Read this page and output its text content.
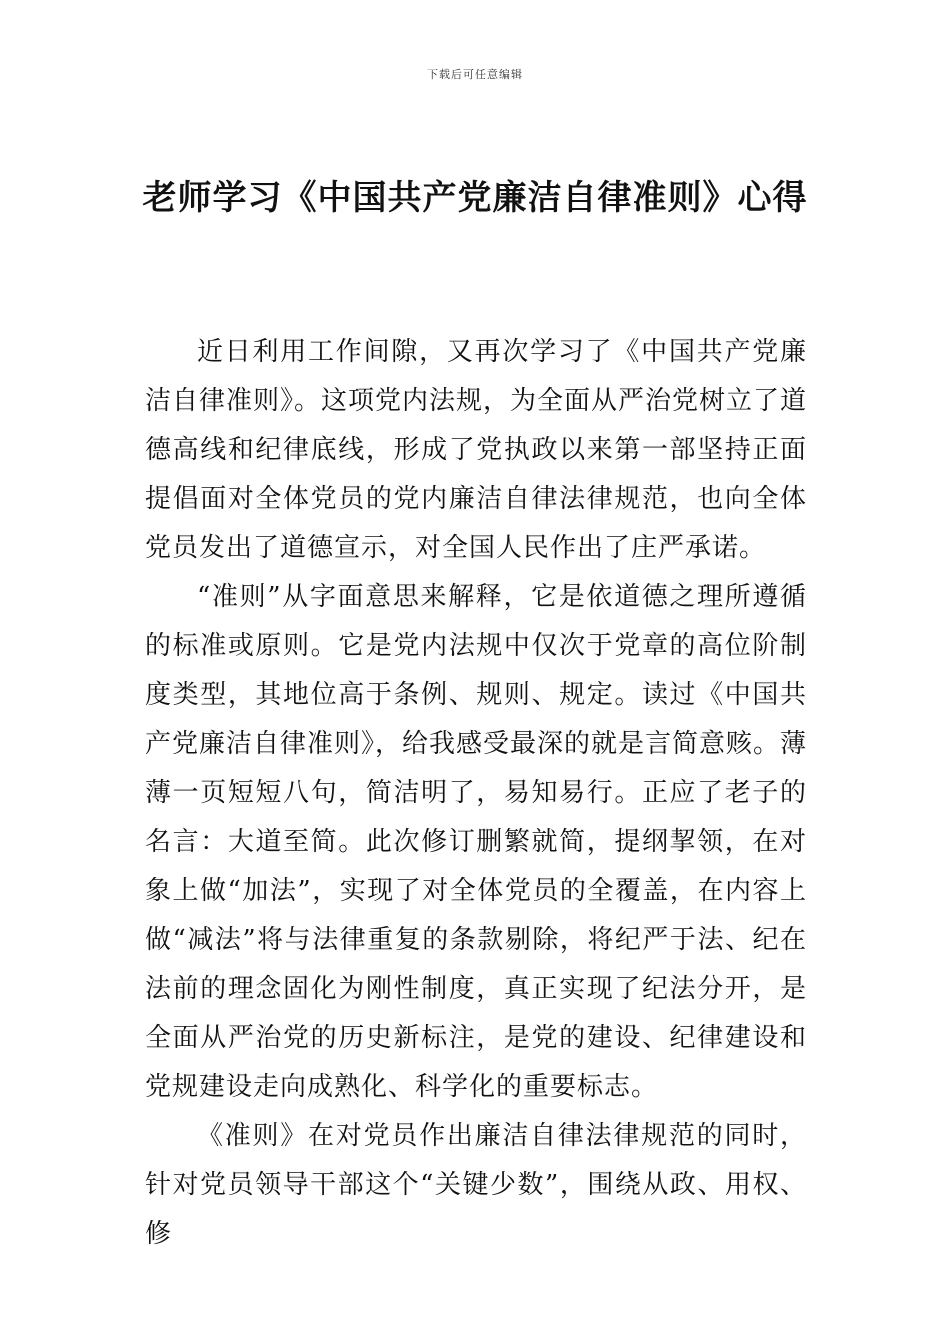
下载后可任意编辑
老师学习《中国共产党廉洁自律准则》心得

近日利用工作间隙，又再次学习了《中国共产党廉洁自律准则》。这项党内法规，为全面从严治党树立了道德高线和纪律底线，形成了党执政以来第一部坚持正面提倡面对全体党员的党内廉洁自律法律规范，也向全体党员发出了道德宣示，对全国人民作出了庄严承诺。

“准则”从字面意思来解释，它是依道德之理所遵循的标准或原则。它是党内法规中仅次于党章的高位阶制度类型，其地位高于条例、规则、规定。读过《中国共产党廉洁自律准则》，给我感受最深的就是言简意赅。薄薄一页短短八句，简洁明了，易知易行。正应了老子的名言：大道至简。此次修订删繁就简，提纲挈领，在对象上做“加法”，实现了对全体党员的全覆盖，在内容上做“减法”将与法律重复的条款剔除，将纪严于法、纪在法前的理念固化为刚性制度，真正实现了纪法分开，是全面从严治党的历史新标注，是党的建设、纪律建设和党规建设走向成熟化、科学化的重要标志。

《准则》在对党员作出廉洁自律法律规范的同时，针对党员领导干部这个“关键少数”，围绕从政、用权、修
